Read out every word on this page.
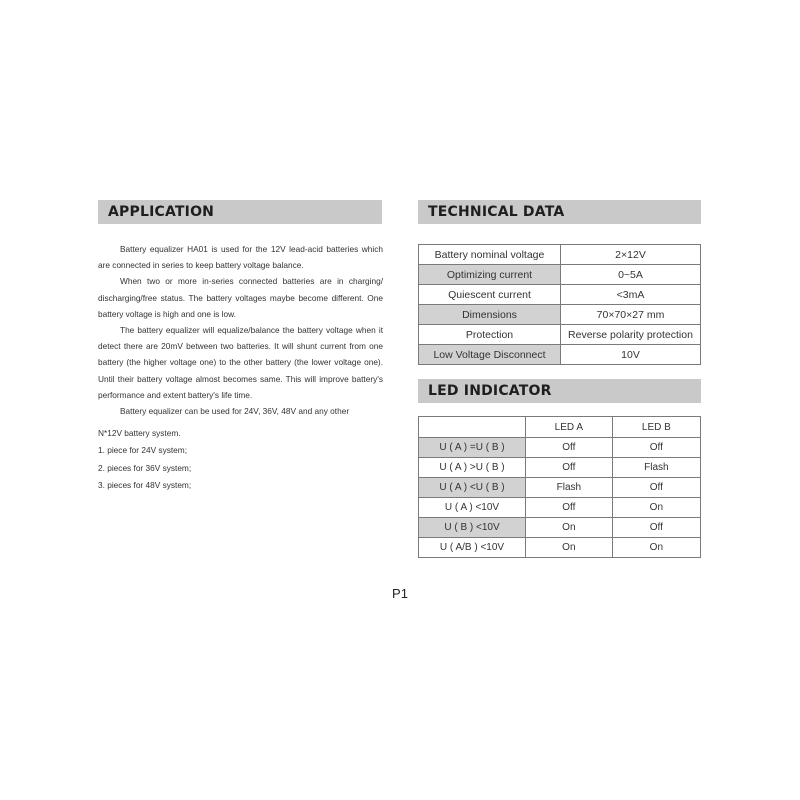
APPLICATION

Battery equalizer HA01 is used for the 12V lead-acid batteries which are connected in series to keep battery voltage balance.

When two or more in-series connected batteries are in charging/ discharging/free status. The battery voltages maybe become different. One battery voltage is high and one is low.

The battery equalizer will equalize/balance the battery voltage when it detect there are 20mV between two batteries. It will shunt current from one battery (the higher voltage one) to the other battery (the lower voltage one). Until their battery voltage almost becomes same. This will improve battery's performance and extent battery's life time.

Battery equalizer can be used for 24V, 36V, 48V and any other

N*12V battery system.

1. piece for 24V system;

2. pieces for 36V system;

3. pieces for 48V system;

TECHNICAL DATA
Battery nominal voltage	2×12V
Optimizing current	0~5A
Quiescent current	<3mA
Dimensions	70×70×27 mm
Protection	Reverse polarity protection
Low Voltage Disconnect	10V
LED INDICATOR
	LED A	LED B
U ( A ) =U ( B )	Off	Off
U ( A ) >U ( B )	Off	Flash
U ( A ) <U ( B )	Flash	Off
U ( A ) <10V	Off	On
U ( B ) <10V	On	Off
U ( A/B ) <10V	On	On
P1
